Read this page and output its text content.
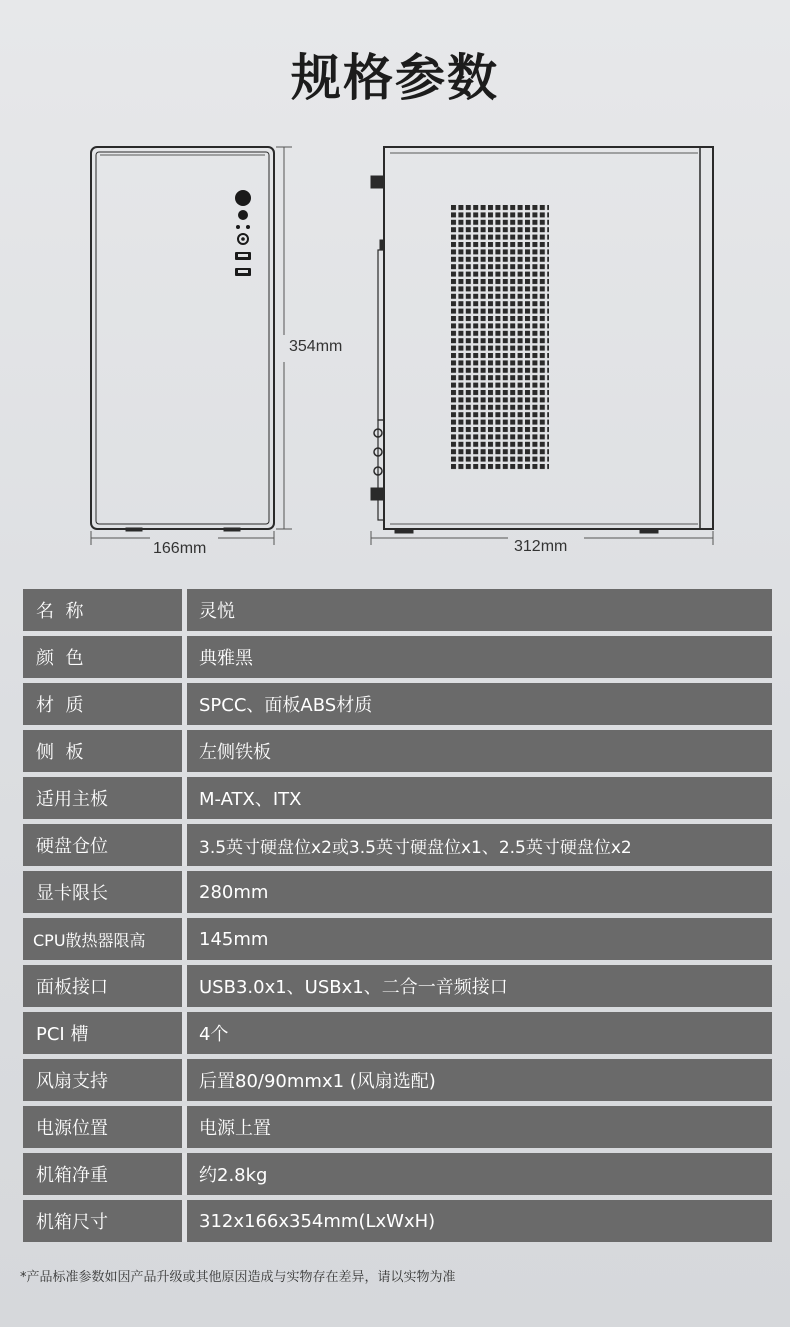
规格参数
354mm
166mm	312mm
名  称	灵悦
颜  色	典雅黑
材  质	SPCC、面板ABS材质
侧  板	左侧铁板
适用主板	M-ATX、ITX
硬盘仓位	3.5英寸硬盘位x2或3.5英寸硬盘位x1、2.5英寸硬盘位x2
显卡限长	280mm
CPU散热器限高	145mm
面板接口	USB3.0x1、USBx1、二合一音频接口
PCI 槽	4个
风扇支持	后置80/90mmx1 (风扇选配)
电源位置	电源上置
机箱净重	约2.8kg
机箱尺寸	312x166x354mm(LxWxH)
*产品标准参数如因产品升级或其他原因造成与实物存在差异，请以实物为准
